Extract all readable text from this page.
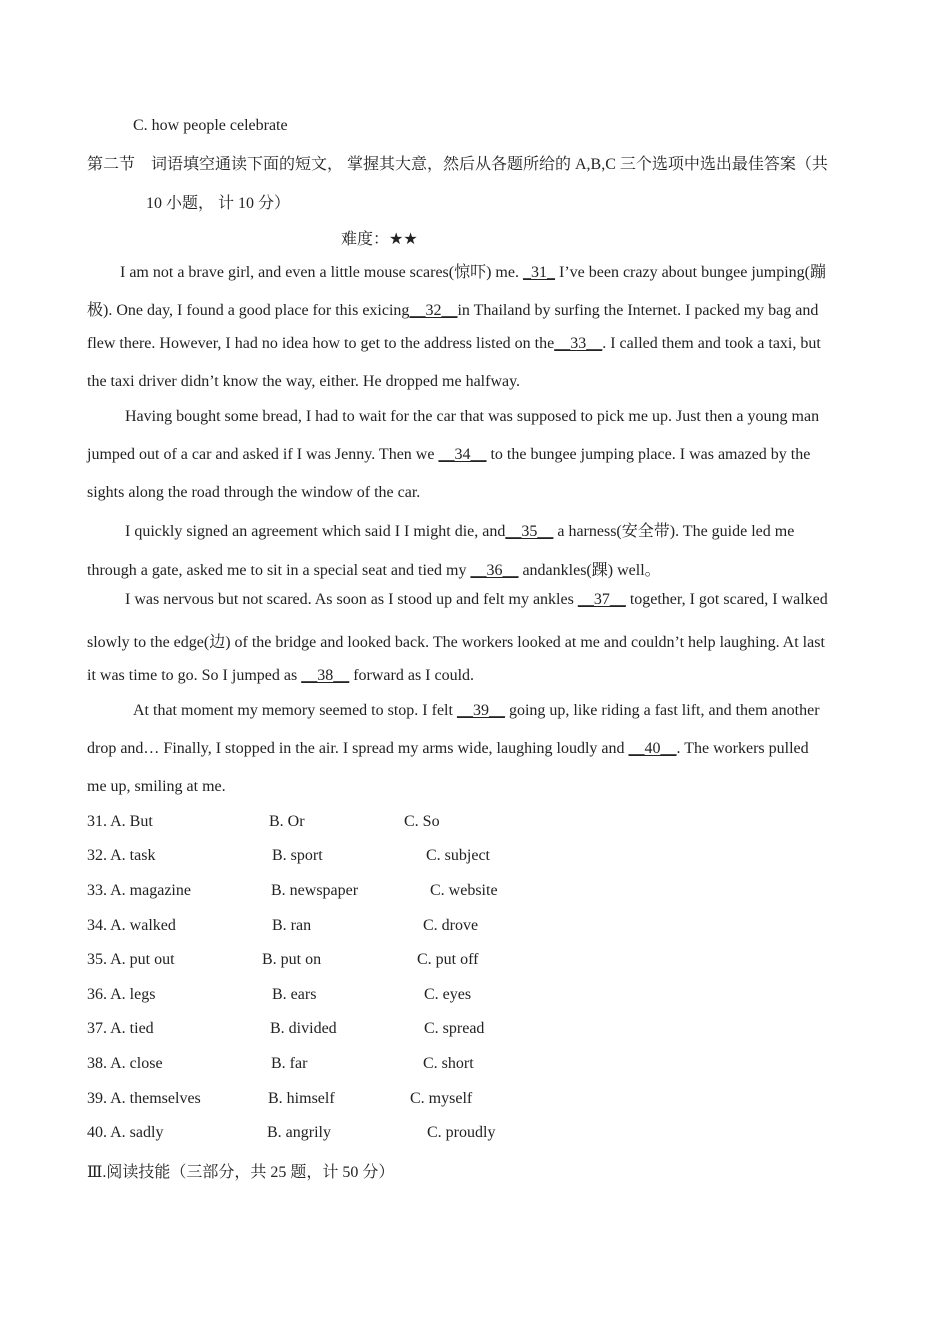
C. how people celebrate
第二节　词语填空通读下面的短文， 掌握其大意，然后从各题所给的 A,B,C 三个选项中选出最佳答案（共
10 小题， 计 10 分）
难度：★★
I am not a brave girl, and even a little mouse scares(惊吓) me. _31_ I’ve been crazy about bungee jumping(蹦
极). One day, I found a good place for this exicing__32__in Thailand by surfing the Internet. I packed my bag and
flew there. However, I had no idea how to get to the address listed on the__33__. I called them and took a taxi, but
the taxi driver didn’t know the way, either. He dropped me halfway.
Having bought some bread, I had to wait for the car that was supposed to pick me up. Just then a young man
jumped out of a car and asked if I was Jenny. Then we __34__ to the bungee jumping place. I was amazed by the
sights along the road through the window of the car.
I quickly signed an agreement which said I I might die, and__35__ a harness(安全带). The guide led me
through a gate, asked me to sit in a special seat and tied my __36__ andankles(踝) well。
I was nervous but not scared. As soon as I stood up and felt my ankles __37__ together, I got scared, I walked
slowly to the edge(边) of the bridge and looked back. The workers looked at me and couldn’t help laughing. At last
it was time to go. So I jumped as __38__ forward as I could.
At that moment my memory seemed to stop. I felt __39__ going up, like riding a fast lift, and them another
drop and… Finally, I stopped in the air. I spread my arms wide, laughing loudly and __40__. The workers pulled
me up, smiling at me.
31. A. But	B. Or	C. So
32. A. task	B. sport	C. subject
33. A. magazine	B. newspaper	C. website
34. A. walked	B. ran	C. drove
35. A. put out	B. put on	C. put off
36. A. legs	B. ears	C. eyes
37. A. tied	B. divided	C. spread
38. A. close	B. far	C. short
39. A. themselves	B. himself	C. myself
40. A. sadly	B. angrily	C. proudly
Ⅲ.阅读技能（三部分，共 25 题，计 50 分）
